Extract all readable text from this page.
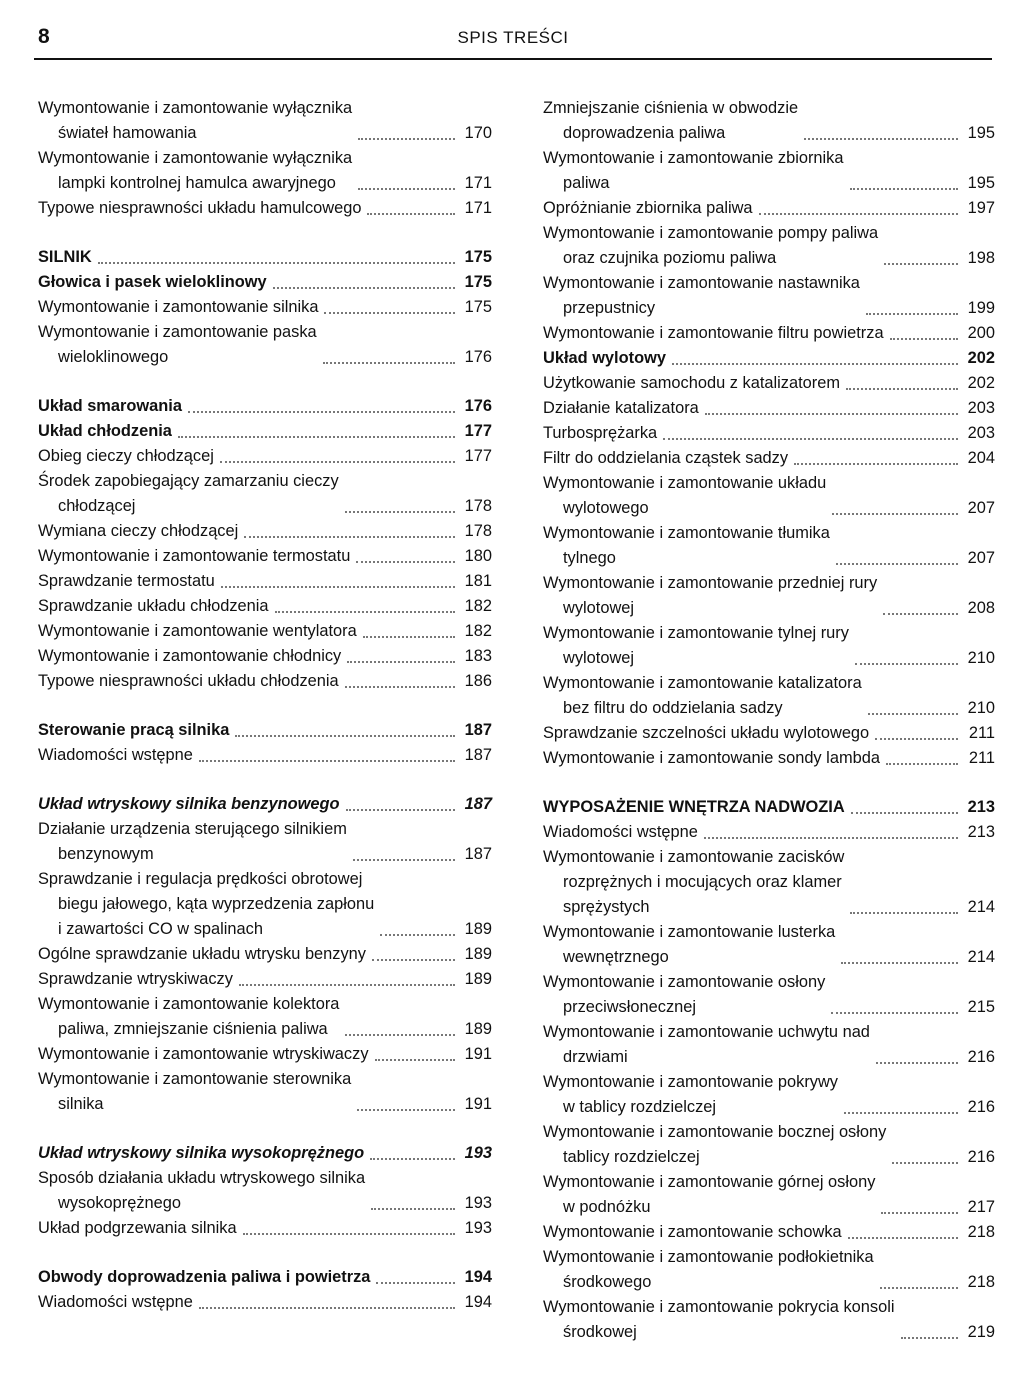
8	SPIS TREŚCI
Wymontowanie i zamontowanie wyłącznika
świateł hamowania	170
Wymontowanie i zamontowanie wyłącznika
lampki kontrolnej hamulca awaryjnego	171
Typowe niesprawności układu hamulcowego	171
SILNIK	175
Głowica i pasek wieloklinowy	175
Wymontowanie i zamontowanie silnika	175
Wymontowanie i zamontowanie paska
wieloklinowego	176
Układ smarowania	176
Układ chłodzenia	177
Obieg cieczy chłodzącej	177
Środek zapobiegający zamarzaniu cieczy
chłodzącej	178
Wymiana cieczy chłodzącej	178
Wymontowanie i zamontowanie termostatu	180
Sprawdzanie termostatu	181
Sprawdzanie układu chłodzenia	182
Wymontowanie i zamontowanie wentylatora	182
Wymontowanie i zamontowanie chłodnicy	183
Typowe niesprawności układu chłodzenia	186
Sterowanie pracą silnika	187
Wiadomości wstępne	187
Układ wtryskowy silnika benzynowego	187
Działanie urządzenia sterującego silnikiem
benzynowym	187
Sprawdzanie i regulacja prędkości obrotowej
biegu jałowego, kąta wyprzedzenia zapłonu
i zawartości CO w spalinach	189
Ogólne sprawdzanie układu wtrysku benzyny	189
Sprawdzanie wtryskiwaczy	189
Wymontowanie i zamontowanie kolektora
paliwa, zmniejszanie ciśnienia paliwa	189
Wymontowanie i zamontowanie wtryskiwaczy	191
Wymontowanie i zamontowanie sterownika
silnika	191
Układ wtryskowy silnika wysokoprężnego	193
Sposób działania układu wtryskowego silnika
wysokoprężnego	193
Układ podgrzewania silnika	193
Obwody doprowadzenia paliwa i powietrza	194
Wiadomości wstępne	194
Zmniejszanie ciśnienia w obwodzie
doprowadzenia paliwa	195
Wymontowanie i zamontowanie zbiornika
paliwa	195
Opróżnianie zbiornika paliwa	197
Wymontowanie i zamontowanie pompy paliwa
oraz czujnika poziomu paliwa	198
Wymontowanie i zamontowanie nastawnika
przepustnicy	199
Wymontowanie i zamontowanie filtru powietrza	200
Układ wylotowy	202
Użytkowanie samochodu z katalizatorem	202
Działanie katalizatora	203
Turbosprężarka	203
Filtr do oddzielania cząstek sadzy	204
Wymontowanie i zamontowanie układu
wylotowego	207
Wymontowanie i zamontowanie tłumika
tylnego	207
Wymontowanie i zamontowanie przedniej rury
wylotowej	208
Wymontowanie i zamontowanie tylnej rury
wylotowej	210
Wymontowanie i zamontowanie katalizatora
bez filtru do oddzielania sadzy	210
Sprawdzanie szczelności układu wylotowego	211
Wymontowanie i zamontowanie sondy lambda	211
WYPOSAŻENIE WNĘTRZA NADWOZIA	213
Wiadomości wstępne	213
Wymontowanie i zamontowanie zacisków
rozprężnych i mocujących oraz klamer
sprężystych	214
Wymontowanie i zamontowanie lusterka
wewnętrznego	214
Wymontowanie i zamontowanie osłony
przeciwsłonecznej	215
Wymontowanie i zamontowanie uchwytu nad
drzwiami	216
Wymontowanie i zamontowanie pokrywy
w tablicy rozdzielczej	216
Wymontowanie i zamontowanie bocznej osłony
tablicy rozdzielczej	216
Wymontowanie i zamontowanie górnej osłony
w podnóżku	217
Wymontowanie i zamontowanie schowka	218
Wymontowanie i zamontowanie podłokietnika
środkowego	218
Wymontowanie i zamontowanie pokrycia konsoli
środkowej	219
